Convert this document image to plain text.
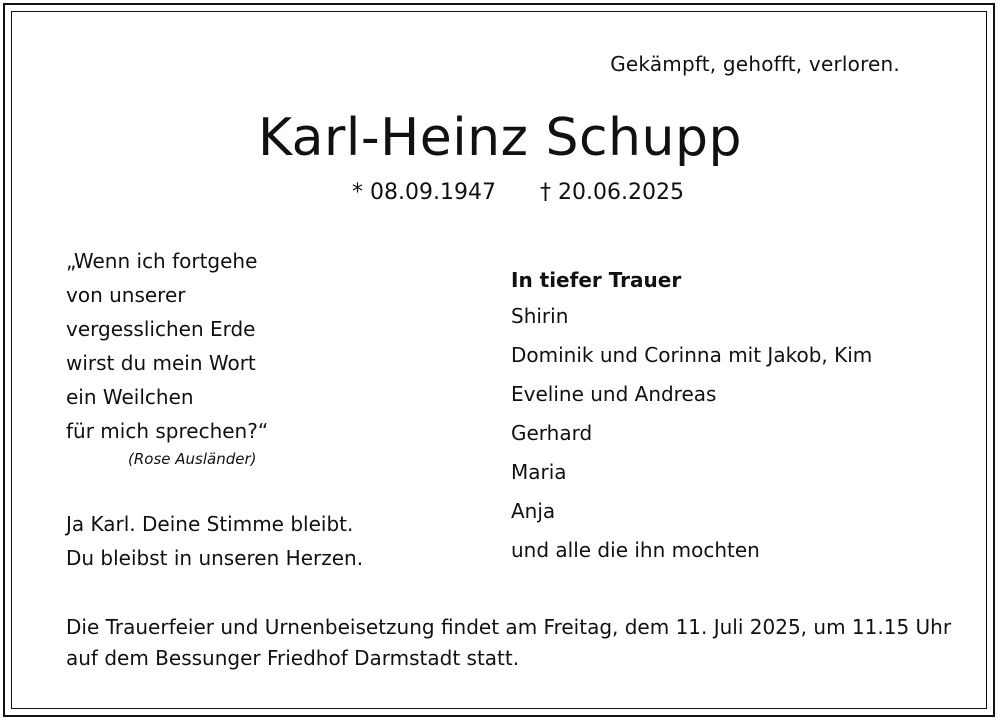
Gekämpft, gehofft, verloren.
Karl-Heinz Schupp
* 08.09.1947 † 20.06.2025
„Wenn ich fortgehe
von unserer
vergesslichen Erde
wirst du mein Wort
ein Weilchen
für mich sprechen?“
(Rose Ausländer)
Ja Karl. Deine Stimme bleibt.
Du bleibst in unseren Herzen.
In tiefer Trauer
Shirin
Dominik und Corinna mit Jakob, Kim
Eveline und Andreas
Gerhard
Maria
Anja
und alle die ihn mochten
Die Trauerfeier und Urnenbeisetzung findet am Freitag, dem 11. Juli 2025, um 11.15 Uhr
auf dem Bessunger Friedhof Darmstadt statt.
